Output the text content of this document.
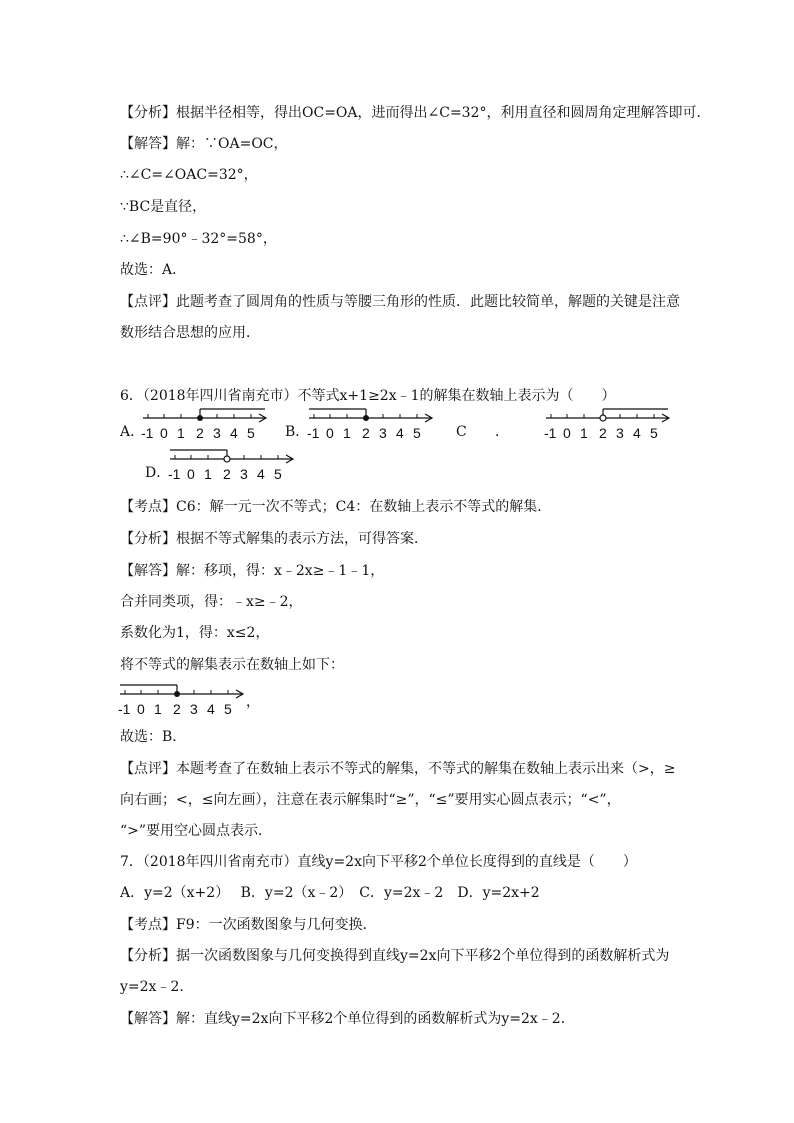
【分析】根据半径相等，得出OC=OA，进而得出∠C=32°，利用直径和圆周角定理解答即可．
【解答】解：∵OA=OC，
∴∠C=∠OAC=32°，
∵BC是直径，
∴∠B=90°﹣32°=58°，
故选：A．
【点评】此题考查了圆周角的性质与等腰三角形的性质．此题比较简单，解题的关键是注意
数形结合思想的应用．
6．（2018年四川省南充市）不等式x+1≥2x﹣1的解集在数轴上表示为（　　）
A．
-1 0 1 2 3 4 5 B．
-1 0 1 2 3 4 5	C ．	-1 0 1 2 3 4 5
D．
-1 0 1 2 3 4 5
【考点】C6：解一元一次不等式；C4：在数轴上表示不等式的解集．
【分析】根据不等式解集的表示方法，可得答案．
【解答】解：移项，得：x﹣2x≥﹣1﹣1，
合并同类项，得：﹣x≥﹣2，
系数化为1，得：x≤2，
将不等式的解集表示在数轴上如下：
-1 0 1 2 3 4 5 ，
故选：B．
【点评】本题考查了在数轴上表示不等式的解集，不等式的解集在数轴上表示出来（>，≥
向右画；<，≤向左画），注意在表示解集时“≥”，“≤”要用实心圆点表示；“<”，
“>”要用空心圆点表示．
7．（2018年四川省南充市）直线y=2x向下平移2个单位长度得到的直线是（　　）
A．y=2（x+2）　 B．y=2（x﹣2）　C．y=2x﹣2　D．y=2x+2
【考点】F9：一次函数图象与几何变换．
【分析】据一次函数图象与几何变换得到直线y=2x向下平移2个单位得到的函数解析式为
y=2x﹣2．
【解答】解：直线y=2x向下平移2个单位得到的函数解析式为y=2x﹣2．
